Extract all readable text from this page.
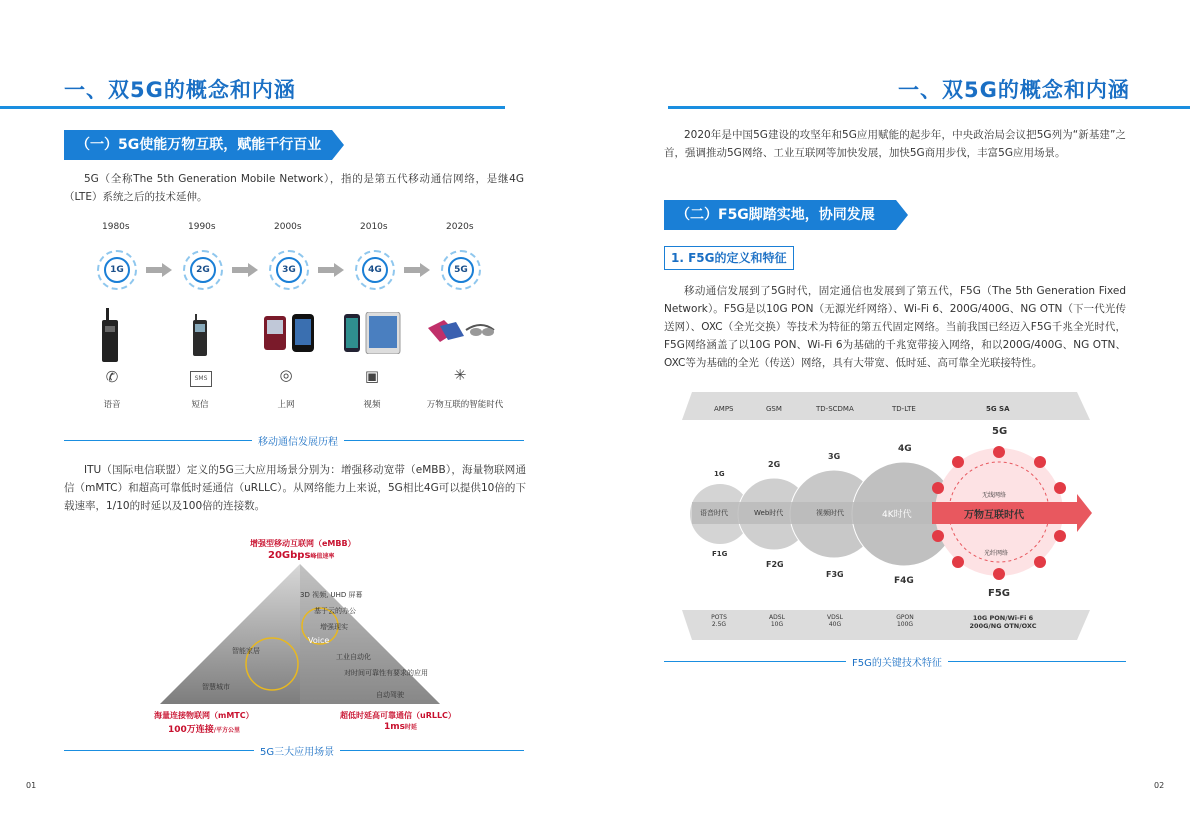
一、双5G的概念和内涵
（一）5G使能万物互联，赋能千行百业
5G（全称The 5th Generation Mobile Network），指的是第五代移动通信网络，是继4G（LTE）系统之后的技术延伸。
1980s	1990s	2000s	2010s	2020s
1G	2G	3G	4G	5G
✆	SMS	◎	▣	✳
语音	短信	上网	视频	万物互联的智能时代
移动通信发展历程
ITU（国际电信联盟）定义的5G三大应用场景分别为：增强移动宽带（eMBB），海量物联网通信（mMTC）和超高可靠低时延通信（uRLLC）。从网络能力上来说，5G相比4G可以提供10倍的下载速率，1/10的时延以及100倍的连接数。
增强型移动互联网（eMBB）
20Gbps峰值速率
3D 视频, UHD 屏幕
基于云的办公
增强现实
工业自动化
对时间可靠性有要求的应用
自动驾驶
智能家居
智慧城市
Voice
海量连接物联网（mMTC）
100万连接/平方公里
超低时延高可靠通信（uRLLC）
1ms时延
5G三大应用场景
01
一、双5G的概念和内涵
2020年是中国5G建设的攻坚年和5G应用赋能的起步年，中央政治局会议把5G列为“新基建”之首，强调推动5G网络、工业互联网等加快发展，加快5G商用步伐，丰富5G应用场景。
（二）F5G脚踏实地，协同发展
1. F5G的定义和特征
移动通信发展到了5G时代，固定通信也发展到了第五代，F5G（The 5th Generation Fixed Network）。F5G是以10G PON（无源光纤网络）、Wi-Fi 6、200G/400G、NG OTN（下一代光传送网）、OXC（全光交换）等技术为特征的第五代固定网络。当前我国已经迈入F5G千兆全光时代，F5G网络涵盖了以10G PON、Wi-Fi 6为基础的千兆宽带接入网络，和以200G/400G、NG OTN、OXC等为基础的全光（传送）网络，具有大带宽、低时延、高可靠全光联接特性。
AMPS	GSM	TD-SCDMA	TD-LTE	5G SA
1G
2G
3G
4G
5G
语音时代	Web时代	视频时代	4K时代	万物互联时代
无线网络
光纤网络
F1G
F2G
F3G
F4G
F5G
POTS
2.5G
ADSL
10G
VDSL
40G
GPON
100G
10G PON/Wi-Fi 6
200G/NG OTN/OXC
F5G的关键技术特征
02
